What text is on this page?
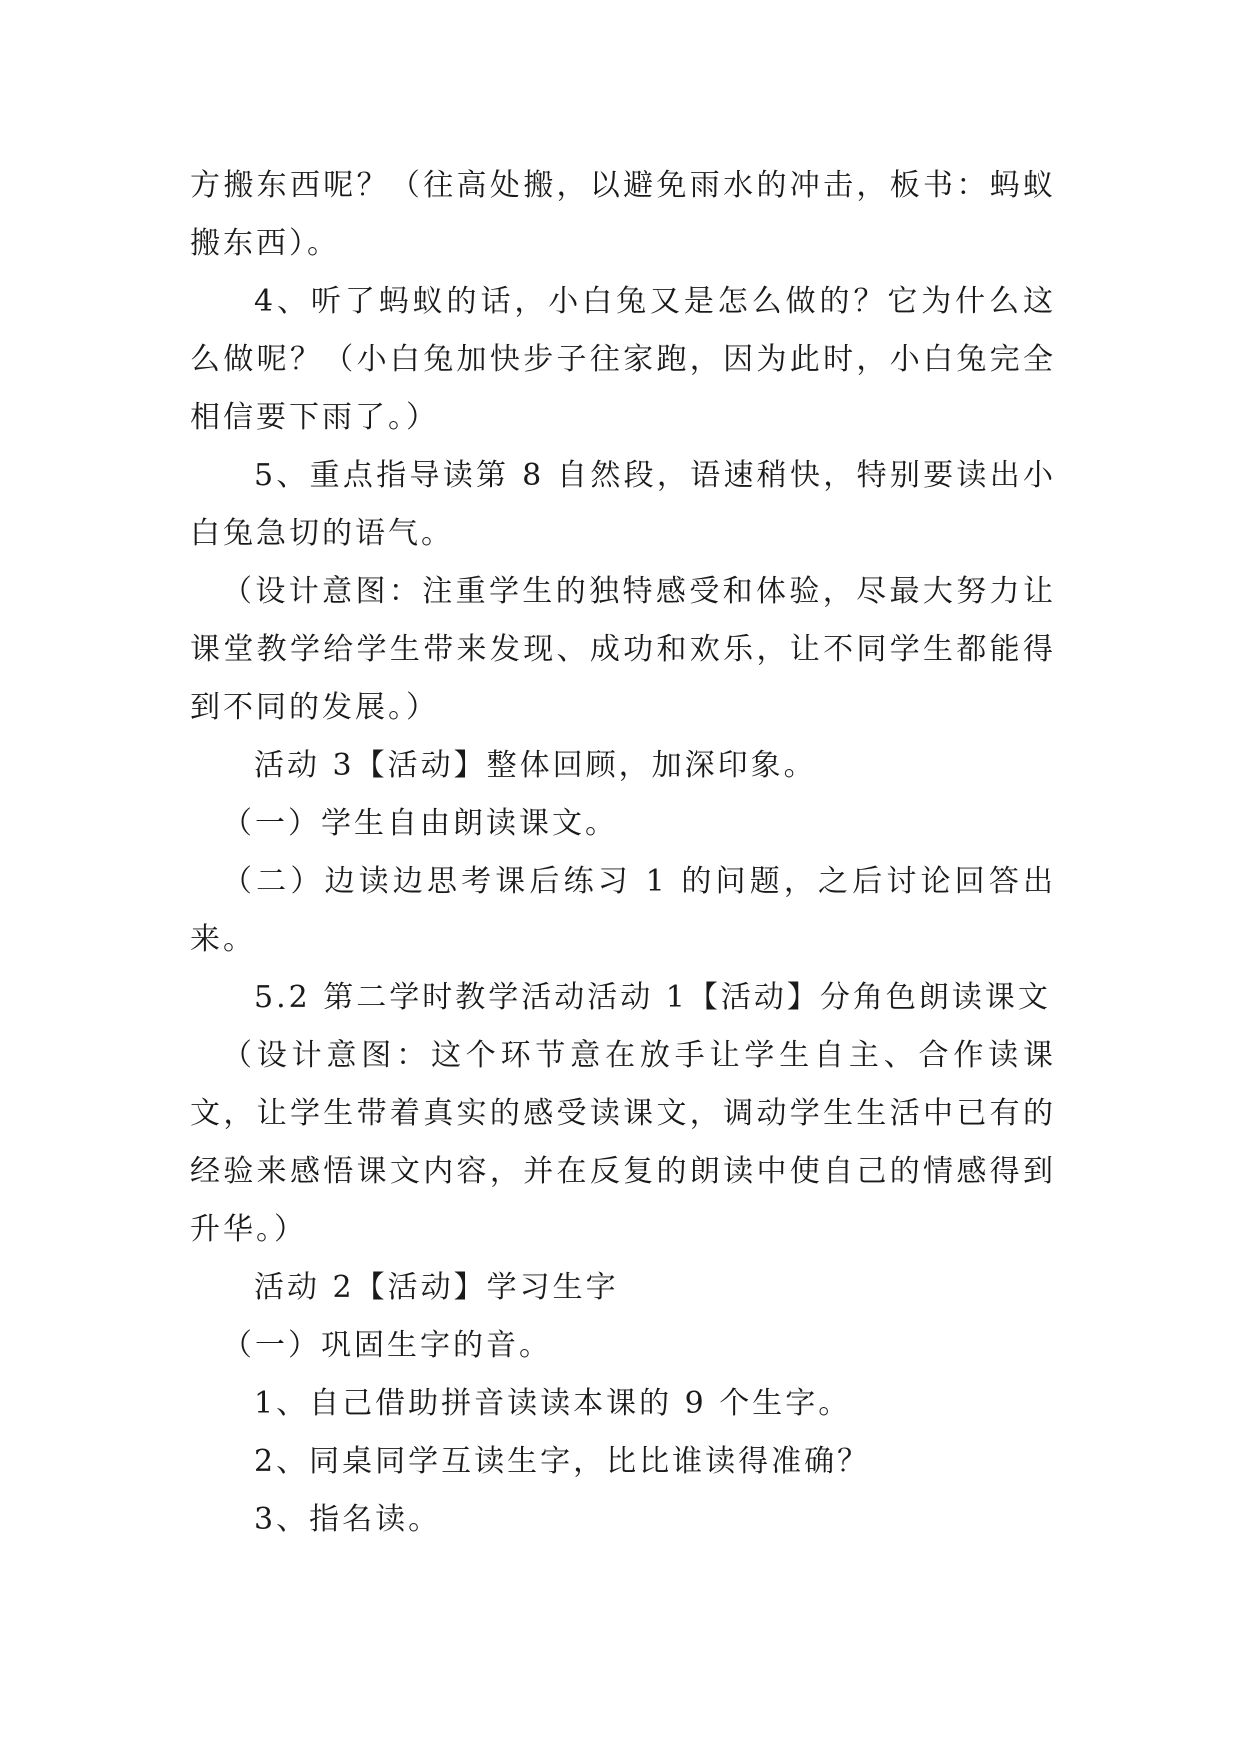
方搬东西呢？（往高处搬，以避免雨水的冲击，板书：蚂蚁搬东西）。

4、听了蚂蚁的话，小白兔又是怎么做的？它为什么这么做呢？（小白兔加快步子往家跑，因为此时，小白兔完全相信要下雨了。）

5、重点指导读第 8 自然段，语速稍快，特别要读出小白兔急切的语气。

（设计意图：注重学生的独特感受和体验，尽最大努力让课堂教学给学生带来发现、成功和欢乐，让不同学生都能得到不同的发展。）

活动 3【活动】整体回顾，加深印象。

（一）学生自由朗读课文。

（二）边读边思考课后练习 1 的问题，之后讨论回答出来。

5.2 第二学时教学活动活动 1【活动】分角色朗读课文

（设计意图：这个环节意在放手让学生自主、合作读课文，让学生带着真实的感受读课文，调动学生生活中已有的经验来感悟课文内容，并在反复的朗读中使自己的情感得到升华。）

活动 2【活动】学习生字

（一）巩固生字的音。

1、自己借助拼音读读本课的 9 个生字。

2、同桌同学互读生字，比比谁读得准确？

3、指名读。
